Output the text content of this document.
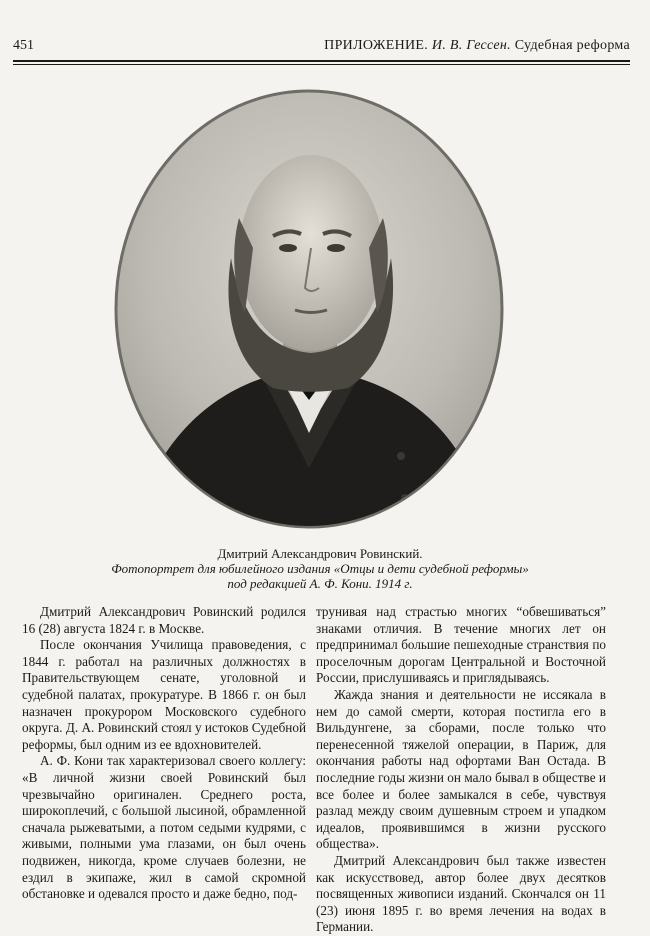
451	ПРИЛОЖЕНИЕ. И. В. Гессен. Судебная реформа
Дмитрий Александрович Ровинский.
Фотопортрет для юбилейного издания «Отцы и дети судебной реформы»
под редакцией А. Ф. Кони. 1914 г.

Дмитрий Александрович Ровинский родился 16 (28) августа 1824 г. в Москве.

После окончания Училища правоведения, с 1844 г. работал на различных должностях в Правительствующем сенате, уголовной и судебной палатах, прокуратуре. В 1866 г. он был назначен прокурором Московского судебного округа. Д. А. Ровинский стоял у истоков Судебной реформы, был одним из ее вдохновителей.

А. Ф. Кони так характеризовал своего коллегу: «В личной жизни своей Ровинский был чрезвычайно оригинален. Среднего роста, широкоплечий, с большой лысиной, обрамленной сначала рыжеватыми, а потом седыми кудрями, с живыми, полными ума глазами, он был очень подвижен, никогда, кроме случаев болезни, не ездил в экипаже, жил в самой скромной обстановке и одевался просто и даже бедно, под-

трунивая над страстью многих “обвешиваться” знаками отличия. В течение многих лет он предпринимал большие пешеходные странствия по проселочным дорогам Центральной и Восточной России, прислушиваясь и приглядываясь.

Жажда знания и деятельности не иссякала в нем до самой смерти, которая постигла его в Вильдунгене, за сборами, после только что перенесенной тяжелой операции, в Париж, для окончания работы над офортами Ван Остада. В последние годы жизни он мало бывал в обществе и все более и более замыкался в себе, чувствуя разлад между своим душевным строем и упадком идеалов, проявившимся в жизни русского общества».

Дмитрий Александрович был также известен как искусствовед, автор более двух десятков посвященных живописи изданий. Скончался он 11 (23) июня 1895 г. во время лечения на водах в Германии.
